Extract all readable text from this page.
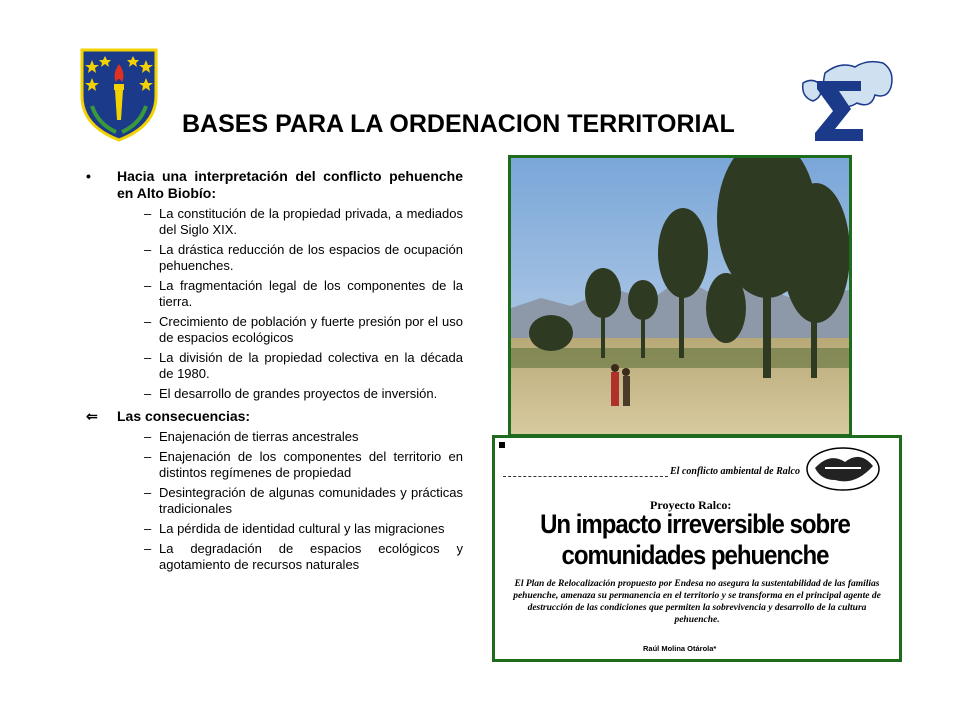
BASES PARA LA ORDENACION TERRITORIAL
• Hacia una interpretación del conflicto pehuenche en Alto Biobío:
– La constitución de la propiedad privada, a mediados del Siglo XIX.
– La drástica reducción de los espacios de ocupación pehuenches.
– La fragmentación legal de los componentes de la tierra.
– Crecimiento de población y fuerte presión por el uso de espacios ecológicos
– La división de la propiedad colectiva en la década de 1980.
– El desarrollo de grandes proyectos de inversión.
⇐ Las consecuencias:
– Enajenación de tierras ancestrales
– Enajenación de los componentes del territorio en distintos regímenes de propiedad
– Desintegración de algunas comunidades y prácticas tradicionales
– La pérdida de identidad cultural y las migraciones
– La degradación de espacios ecológicos y agotamiento de recursos naturales
El conflicto ambiental de Ralco
Proyecto Ralco:
Un impacto irreversible sobre
comunidades pehuenche
El Plan de Relocalización propuesto por Endesa no asegura la sustentabilidad de las familias pehuenche, amenaza su permanencia en el territorio y se transforma en el principal agente de destrucción de las condiciones que permiten la sobrevivencia y desarrollo de la cultura pehuenche.
Raúl Molina Otárola*
